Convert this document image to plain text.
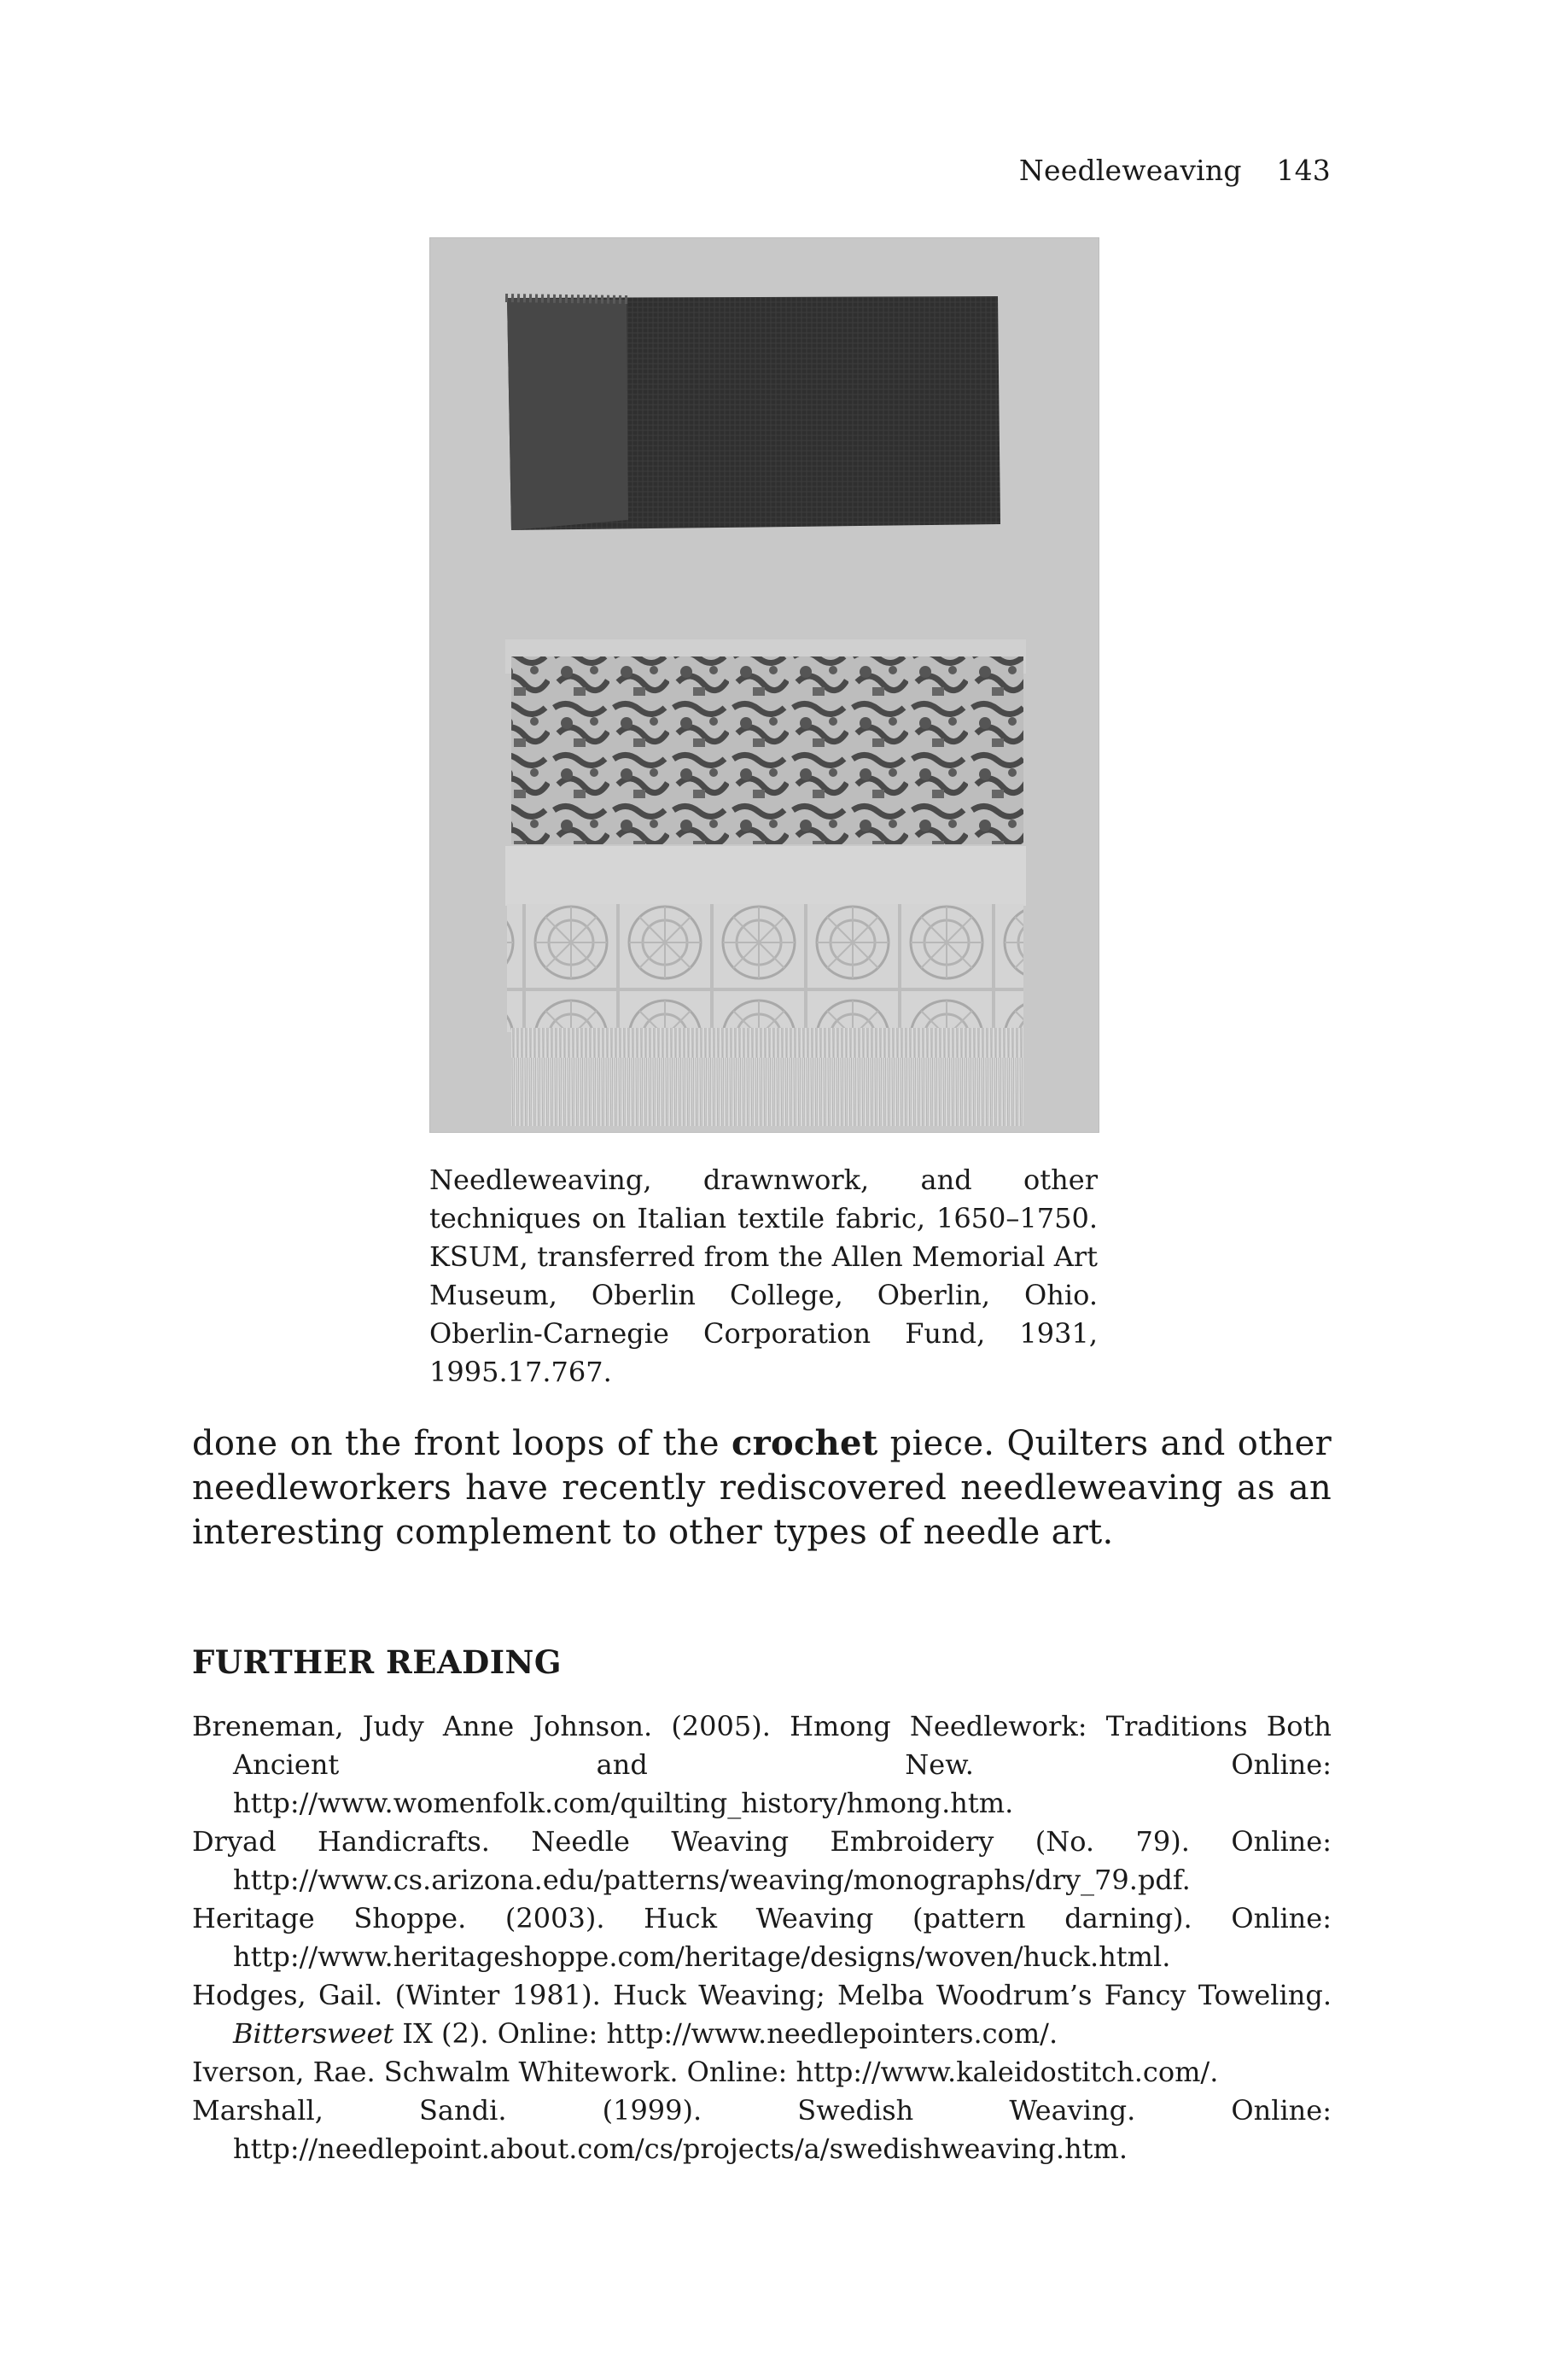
Needleweaving 143
Needleweaving, drawnwork, and other techniques on Italian textile fabric, 1650–1750. KSUM, transferred from the Allen Memorial Art Museum, Oberlin College, Oberlin, Ohio. Oberlin-Carnegie Corporation Fund, 1931, 1995.17.767.
done on the front loops of the crochet piece. Quilters and other needleworkers have recently rediscovered needleweaving as an interesting complement to other types of needle art.
FURTHER READING

Breneman, Judy Anne Johnson. (2005). Hmong Needlework: Traditions Both Ancient and New. Online: http://www.womenfolk.com/quilting_history/hmong.htm.

Dryad Handicrafts. Needle Weaving Embroidery (No. 79). Online: http://www.cs.arizona.edu/patterns/weaving/monographs/dry_79.pdf.

Heritage Shoppe. (2003). Huck Weaving (pattern darning). Online: http://www.heritageshoppe.com/heritage/designs/woven/huck.html.

Hodges, Gail. (Winter 1981). Huck Weaving; Melba Woodrum’s Fancy Toweling. Bittersweet IX (2). Online: http://www.needlepointers.com/.

Iverson, Rae. Schwalm Whitework. Online: http://www.kaleidostitch.com/.

Marshall, Sandi. (1999). Swedish Weaving. Online: http://needlepoint.about.com/cs/projects/a/swedishweaving.htm.
